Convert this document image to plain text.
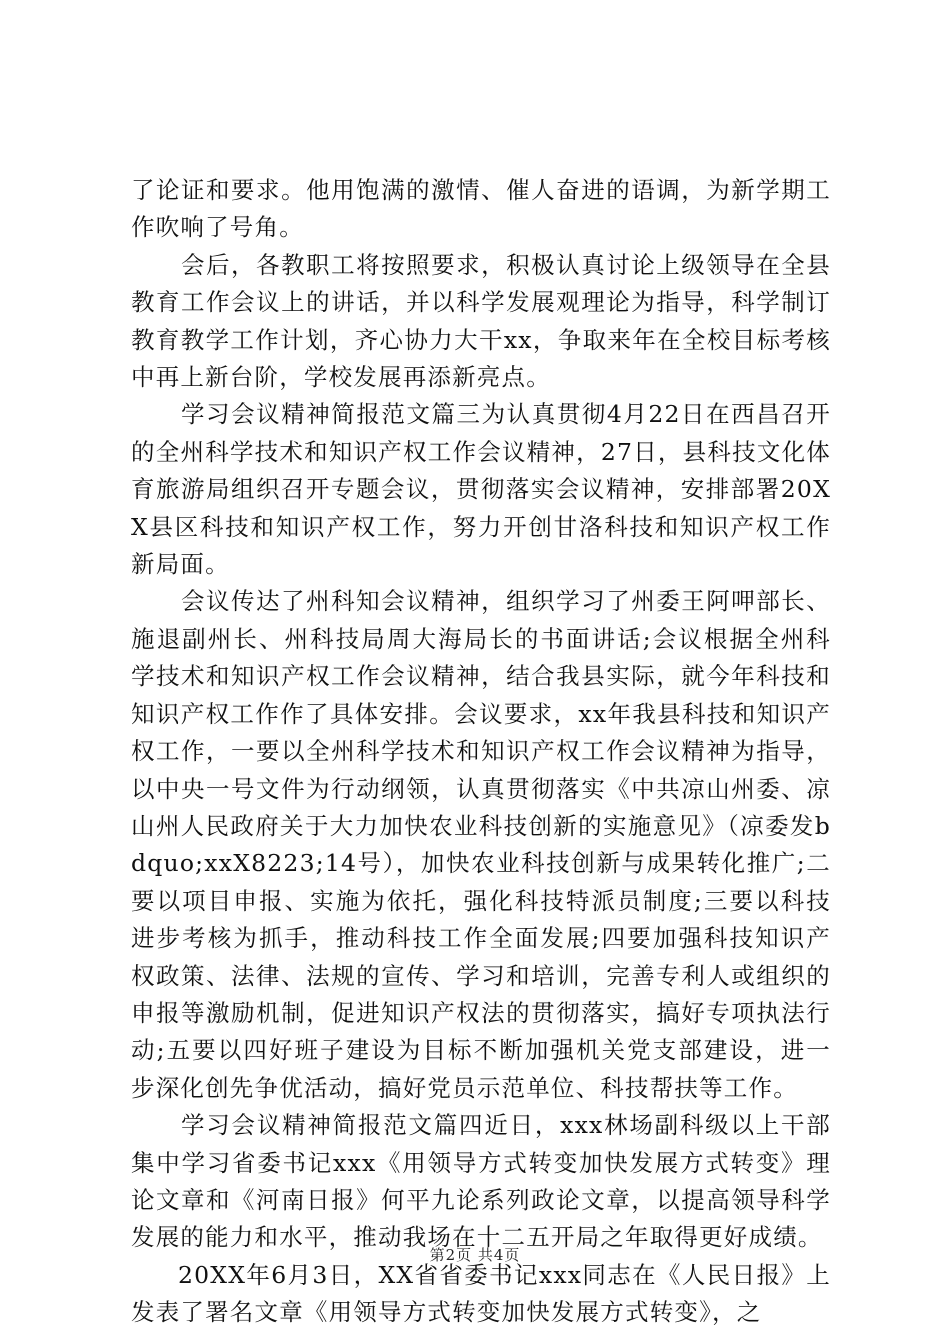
了论证和要求。他用饱满的激情、催人奋进的语调，为新学期工作吹响了号角。

会后，各教职工将按照要求，积极认真讨论上级领导在全县教育工作会议上的讲话，并以科学发展观理论为指导，科学制订教育教学工作计划，齐心协力大干xx，争取来年在全校目标考核中再上新台阶，学校发展再添新亮点。

学习会议精神简报范文篇三为认真贯彻4月22日在西昌召开的全州科学技术和知识产权工作会议精神，27日，县科技文化体育旅游局组织召开专题会议，贯彻落实会议精神，安排部署20XX县区科技和知识产权工作，努力开创甘洛科技和知识产权工作新局面。

会议传达了州科知会议精神，组织学习了州委王阿呷部长、施退副州长、州科技局周大海局长的书面讲话;会议根据全州科学技术和知识产权工作会议精神，结合我县实际，就今年科技和知识产权工作作了具体安排。会议要求，xx年我县科技和知识产权工作，一要以全州科学技术和知识产权工作会议精神为指导，以中央一号文件为行动纲领，认真贯彻落实《中共凉山州委、凉山州人民政府关于大力加快农业科技创新的实施意见》（凉委发bdquo;xxX8223;14号），加快农业科技创新与成果转化推广;二要以项目申报、实施为依托，强化科技特派员制度;三要以科技进步考核为抓手，推动科技工作全面发展;四要加强科技知识产权政策、法律、法规的宣传、学习和培训，完善专利人或组织的申报等激励机制，促进知识产权法的贯彻落实，搞好专项执法行动;五要以四好班子建设为目标不断加强机关党支部建设，进一步深化创先争优活动，搞好党员示范单位、科技帮扶等工作。

学习会议精神简报范文篇四近日，xxx林场副科级以上干部集中学习省委书记xxx《用领导方式转变加快发展方式转变》理论文章和《河南日报》何平九论系列政论文章，以提高领导科学发展的能力和水平，推动我场在十二五开局之年取得更好成绩。

20XX年6月3日，XX省省委书记xxx同志在《人民日报》上发表了署名文章《用领导方式转变加快发展方式转变》，之

第2页 共4页
